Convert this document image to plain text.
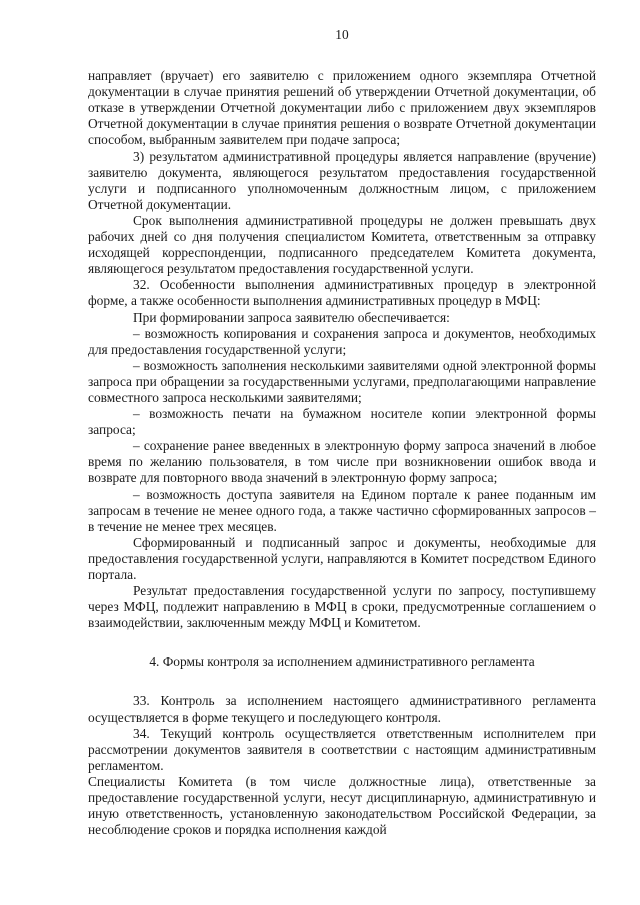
10

направляет (вручает) его заявителю с приложением одного экземпляра Отчетной документации в случае принятия решений об утверждении Отчетной документации, об отказе в утверждении Отчетной документации либо с приложением двух экземпляров Отчетной документации в случае принятия решения о возврате Отчетной документации способом, выбранным заявителем при подаче запроса;

3) результатом административной процедуры является направление (вручение) заявителю документа, являющегося результатом предоставления государственной услуги и подписанного уполномоченным должностным лицом, с приложением Отчетной документации.

Срок выполнения административной процедуры не должен превышать двух рабочих дней со дня получения специалистом Комитета, ответственным за отправку исходящей корреспонденции, подписанного председателем Комитета документа, являющегося результатом предоставления государственной услуги.

32. Особенности выполнения административных процедур в электронной форме, а также особенности выполнения административных процедур в МФЦ:

При формировании запроса заявителю обеспечивается:

– возможность копирования и сохранения запроса и документов, необходимых для предоставления государственной услуги;

– возможность заполнения несколькими заявителями одной электронной формы запроса при обращении за государственными услугами, предполагающими направление совместного запроса несколькими заявителями;

– возможность печати на бумажном носителе копии электронной формы запроса;

– сохранение ранее введенных в электронную форму запроса значений в любое время по желанию пользователя, в том числе при возникновении ошибок ввода и возврате для повторного ввода значений в электронную форму запроса;

– возможность доступа заявителя на Едином портале к ранее поданным им запросам в течение не менее одного года, а также частично сформированных запросов – в течение не менее трех месяцев.

Сформированный и подписанный запрос и документы, необходимые для предоставления государственной услуги, направляются в Комитет посредством Единого портала.

Результат предоставления государственной услуги по запросу, поступившему через МФЦ, подлежит направлению в МФЦ в сроки, предусмотренные соглашением о взаимодействии, заключенным между МФЦ и Комитетом.

4. Формы контроля за исполнением административного регламента

33. Контроль за исполнением настоящего административного регламента осуществляется в форме текущего и последующего контроля.

34. Текущий контроль осуществляется ответственным исполнителем при рассмотрении документов заявителя в соответствии с настоящим административным регламентом.

Специалисты Комитета (в том числе должностные лица), ответственные за предоставление государственной услуги, несут дисциплинарную, административную и иную ответственность, установленную законодательством Российской Федерации, за несоблюдение сроков и порядка исполнения каждой
